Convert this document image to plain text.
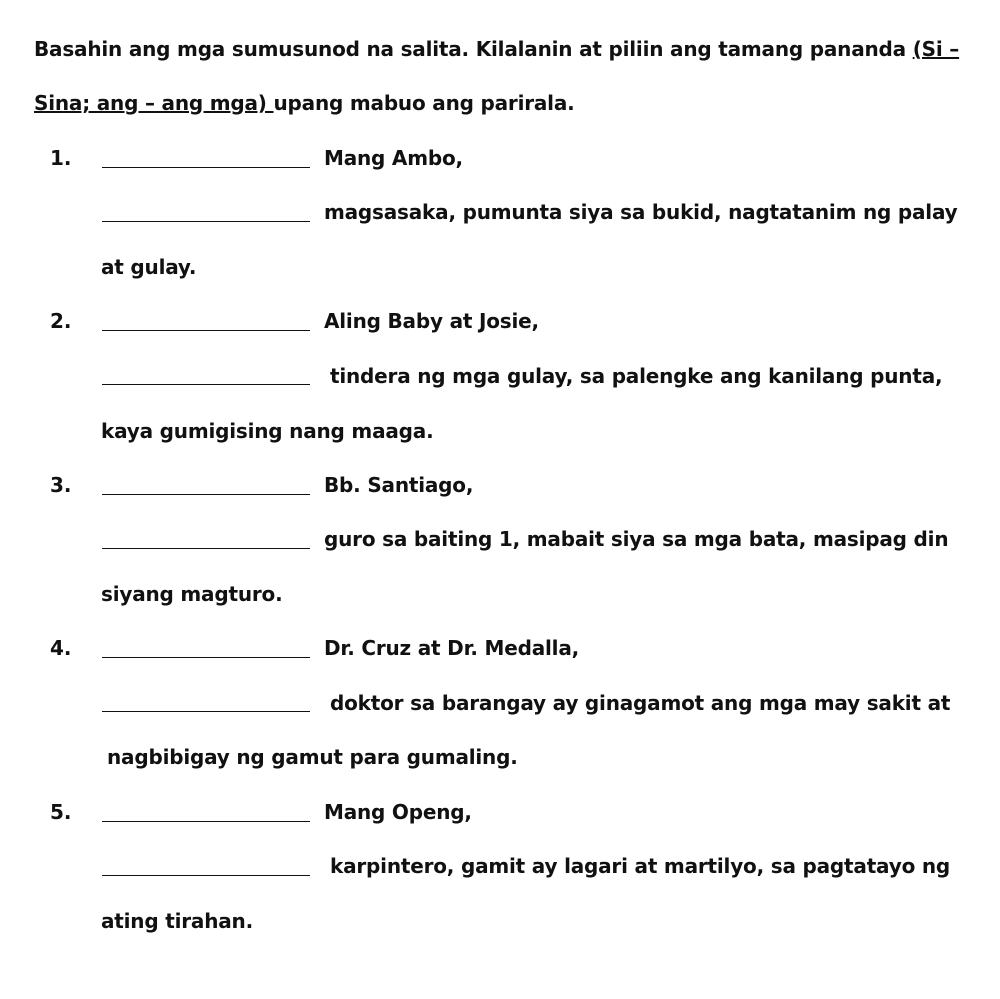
Basahin ang mga sumusunod na salita. Kilalanin at piliin ang tamang pananda (Si –
Sina; ang – ang mga) upang mabuo ang parirala.
1.	Mang Ambo,
magsasaka, pumunta siya sa bukid, nagtatanim ng palay
at gulay.
2.	Aling Baby at Josie,
tindera ng mga gulay, sa palengke ang kanilang punta,
kaya gumigising nang maaga.
3.	Bb. Santiago,
guro sa baiting 1, mabait siya sa mga bata, masipag din
siyang magturo.
4.	Dr. Cruz at Dr. Medalla,
doktor sa barangay ay ginagamot ang mga may sakit at
nagbibigay ng gamut para gumaling.
5.	Mang Openg,
karpintero, gamit ay lagari at martilyo, sa pagtatayo ng
ating tirahan.
